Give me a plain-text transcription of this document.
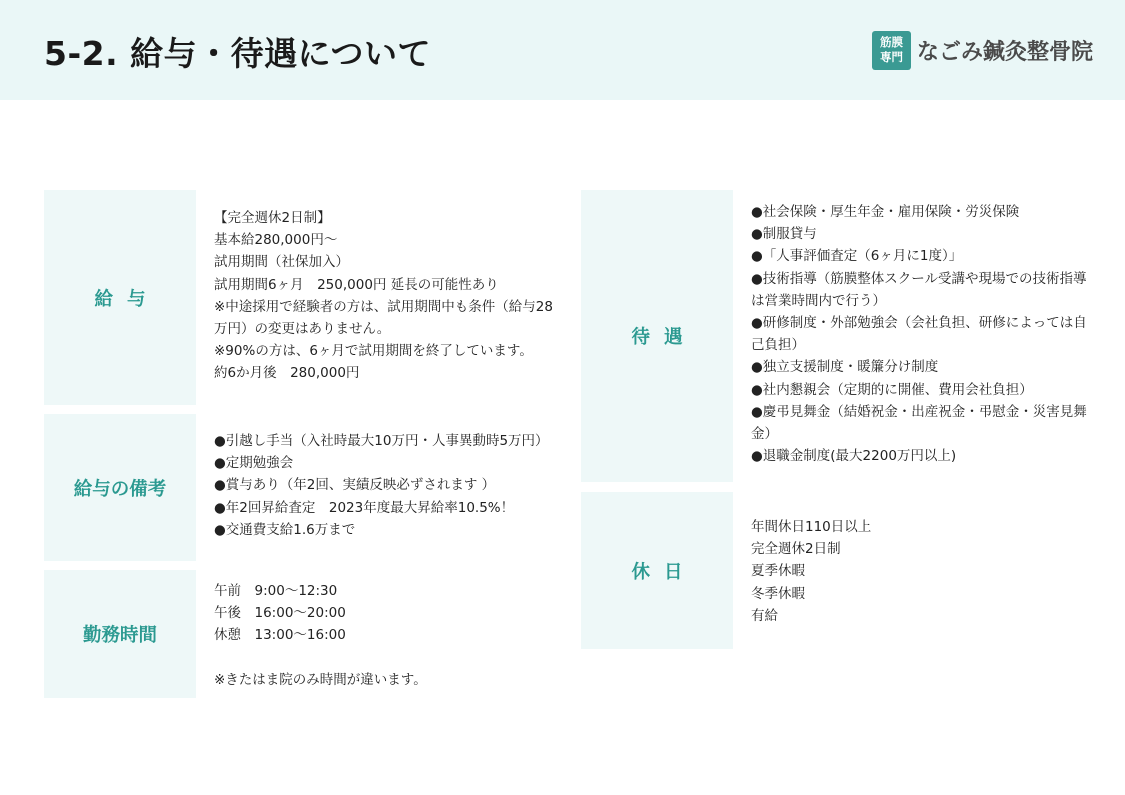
5-2. 給与・待遇について	筋膜
専門 なごみ鍼灸整骨院
給与
【完全週休2日制】
基本給280,000円〜
試用期間（社保加入）
試用期間6ヶ月　250,000円 延長の可能性あり
※中途採用で経験者の方は、試用期間中も条件（給与28万円）の変更はありません。
※90%の方は、6ヶ月で試用期間を終了しています。
約6か月後　280,000円
給与の備考
●引越し手当（入社時最大10万円・人事異動時5万円）
●定期勉強会
●賞与あり（年2回、実績反映必ずされます ）
●年2回昇給査定　2023年度最大昇給率10.5%！
●交通費支給1.6万まで
勤務時間
午前　9:00〜12:30
午後　16:00〜20:00
休憩　13:00〜16:00
※きたはま院のみ時間が違います。
待遇
●社会保険・厚生年金・雇用保険・労災保険
●制服貸与
●「人事評価査定（6ヶ月に1度）」
●技術指導（筋膜整体スクール受講や現場での技術指導は営業時間内で行う）
●研修制度・外部勉強会（会社負担、研修によっては自己負担）
●独立支援制度・暖簾分け制度
●社内懇親会（定期的に開催、費用会社負担）
●慶弔見舞金（結婚祝金・出産祝金・弔慰金・災害見舞金）
●退職金制度(最大2200万円以上)
休日
年間休日110日以上
完全週休2日制
夏季休暇
冬季休暇
有給
